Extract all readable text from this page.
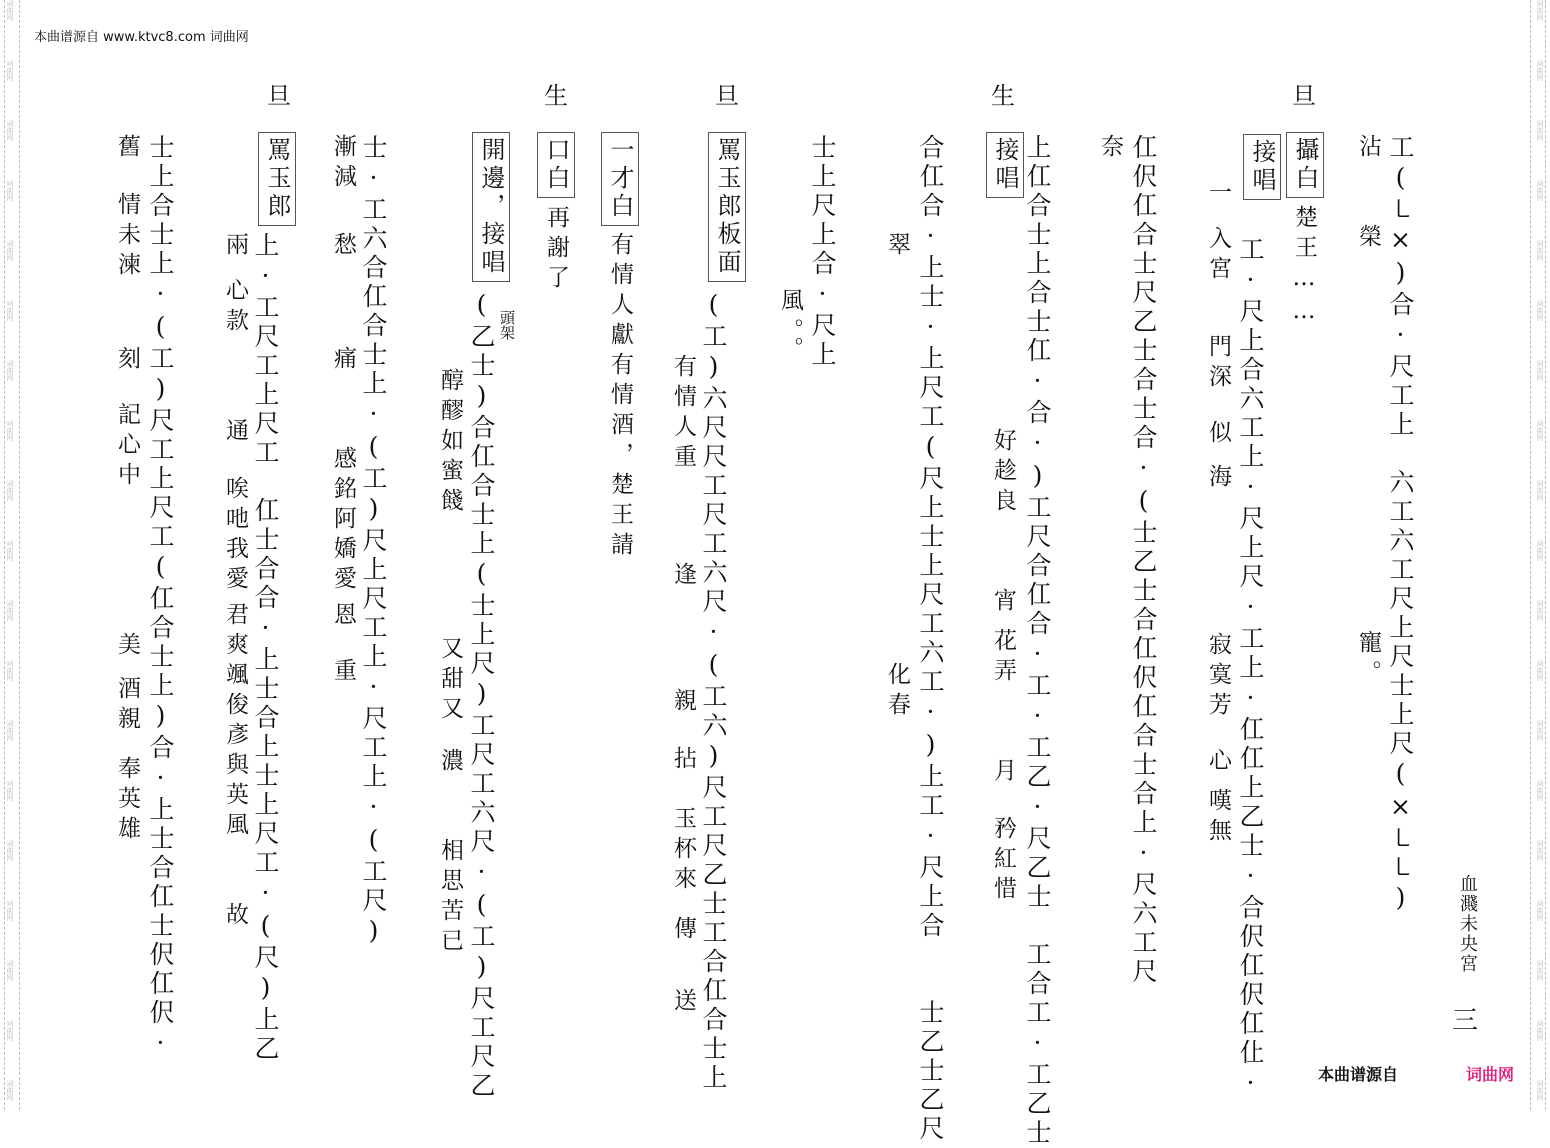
词曲网	词曲网
词曲网	词曲网
词曲网	词曲网
词曲网	词曲网
词曲网	词曲网
词曲网	词曲网
词曲网	词曲网
词曲网	词曲网
词曲网	词曲网
词曲网	词曲网
词曲网	词曲网
词曲网	词曲网
词曲网	词曲网
词曲网	词曲网
词曲网	词曲网
词曲网	词曲网
词曲网	词曲网
词曲网	词曲网
词曲网	词曲网
本曲谱源自 www.ktvc8.com 词曲网
旦
生
旦
生
旦
攝白
接唱
接唱
罵玉郎板面
一才白
口白
開邊，接唱
罵玉郎	工(㇄×)合·尺工上　六工六工尺上尺士上尺(×㇄㇄)
沾　　榮
寵。
楚王……
工·尺上合六工上·尺上尺·工上·仜仜上乙士·合伬仜伬仜仩·
一
入宮
門深
似
海
寂寞芳
心
嘆無
仜伬仜合士尺乙士合士合·(士乙士合仜伬仜合士合上·尺六工尺
奈
上仜合士上合士仜·合·)工尺合仜合·工·工乙·尺乙士　工合工·工乙士
好趁良
宵
花弄
月
矜紅惜
合仜合·上士·上尺工(尺上士上尺工六工·)上工·尺上合　　士乙士乙尺
翠
化春
士上尺上合·尺上
風。。
(工)六尺尺工尺工六尺·(工六)尺工尺乙士工合仜合士上
有情人重
逢
親
拈
玉杯來
傳
送
有情人獻有情酒，楚王請
再謝了
頭架
(乙士)合仜合士上(士上尺)工尺工六尺·(工)尺工尺乙
醇醪如蜜餞
又甜又
濃
相思苦已
士·工六合仜合士上·(工)尺上尺工上·尺工上·(工尺)
漸減
愁
痛
感銘阿嬌愛
恩
重
上·工尺工上尺工　仜士合合·上士合上士上尺工·(尺)上乙
兩
心款
通
唉吔我愛
君爽颯俊彥與英風
故
士上合士上·(工)尺工上尺工(仜合士上)合·上士合仜士伬仜伬·
舊
情未湅
刻
記心中
美
酒親
奉英雄
血濺未央宮
三
本曲谱源自	词曲网
